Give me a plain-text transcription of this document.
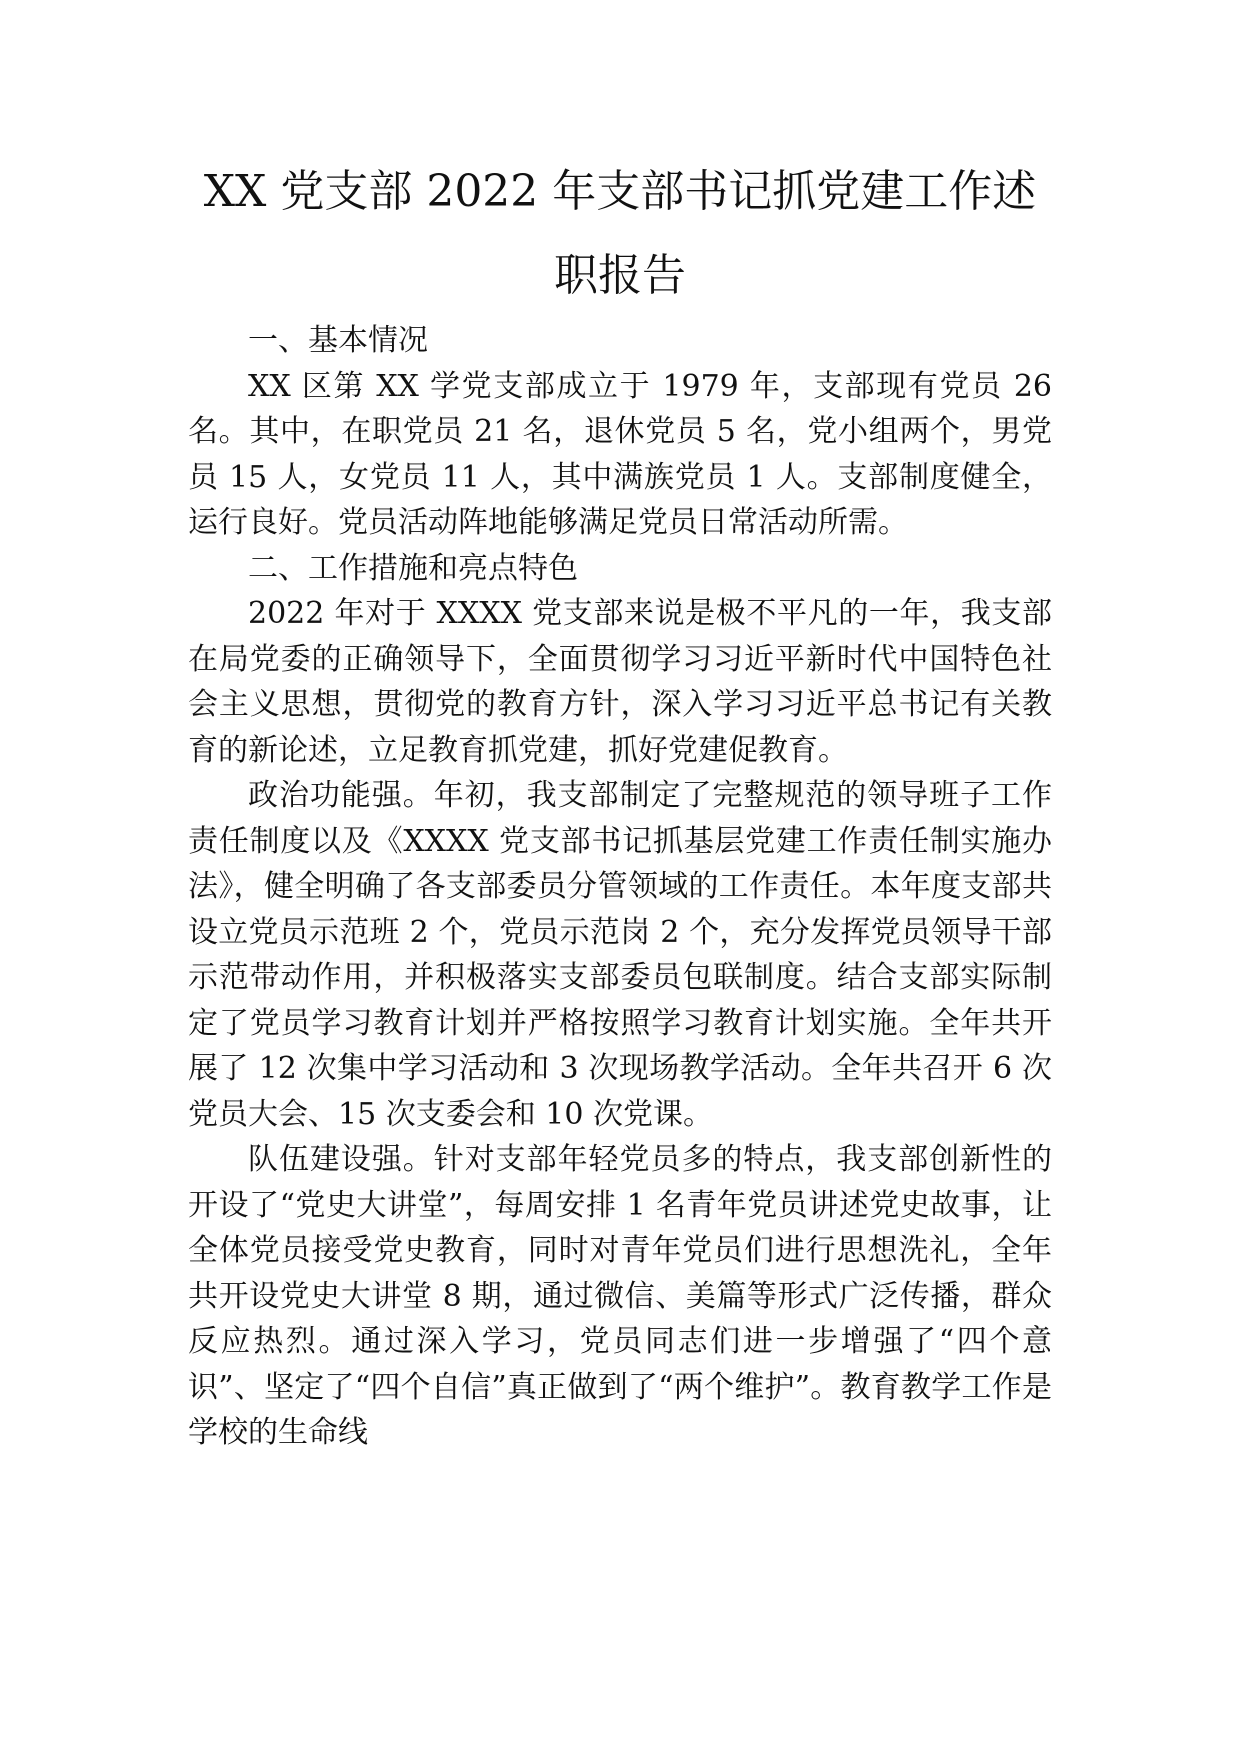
XX 党支部 2022 年支部书记抓党建工作述
职报告

一、基本情况

XX 区第 XX 学党支部成立于 1979 年，支部现有党员 26 名。其中，在职党员 21 名，退休党员 5 名，党小组两个，男党员 15 人，女党员 11 人，其中满族党员 1 人。支部制度健全，运行良好。党员活动阵地能够满足党员日常活动所需。

二、工作措施和亮点特色

2022 年对于 XXXX 党支部来说是极不平凡的一年，我支部在局党委的正确领导下，全面贯彻学习习近平新时代中国特色社会主义思想，贯彻党的教育方针，深入学习习近平总书记有关教育的新论述，立足教育抓党建，抓好党建促教育。

政治功能强。年初，我支部制定了完整规范的领导班子工作责任制度以及《XXXX 党支部书记抓基层党建工作责任制实施办法》，健全明确了各支部委员分管领域的工作责任。本年度支部共设立党员示范班 2 个，党员示范岗 2 个，充分发挥党员领导干部示范带动作用，并积极落实支部委员包联制度。结合支部实际制定了党员学习教育计划并严格按照学习教育计划实施。全年共开展了 12 次集中学习活动和 3 次现场教学活动。全年共召开 6 次党员大会、15 次支委会和 10 次党课。

队伍建设强。针对支部年轻党员多的特点，我支部创新性的开设了“党史大讲堂”，每周安排 1 名青年党员讲述党史故事，让全体党员接受党史教育，同时对青年党员们进行思想洗礼，全年共开设党史大讲堂 8 期，通过微信、美篇等形式广泛传播，群众反应热烈。通过深入学习，党员同志们进一步增强了“四个意识”、坚定了“四个自信”真正做到了“两个维护”。教育教学工作是学校的生命线
